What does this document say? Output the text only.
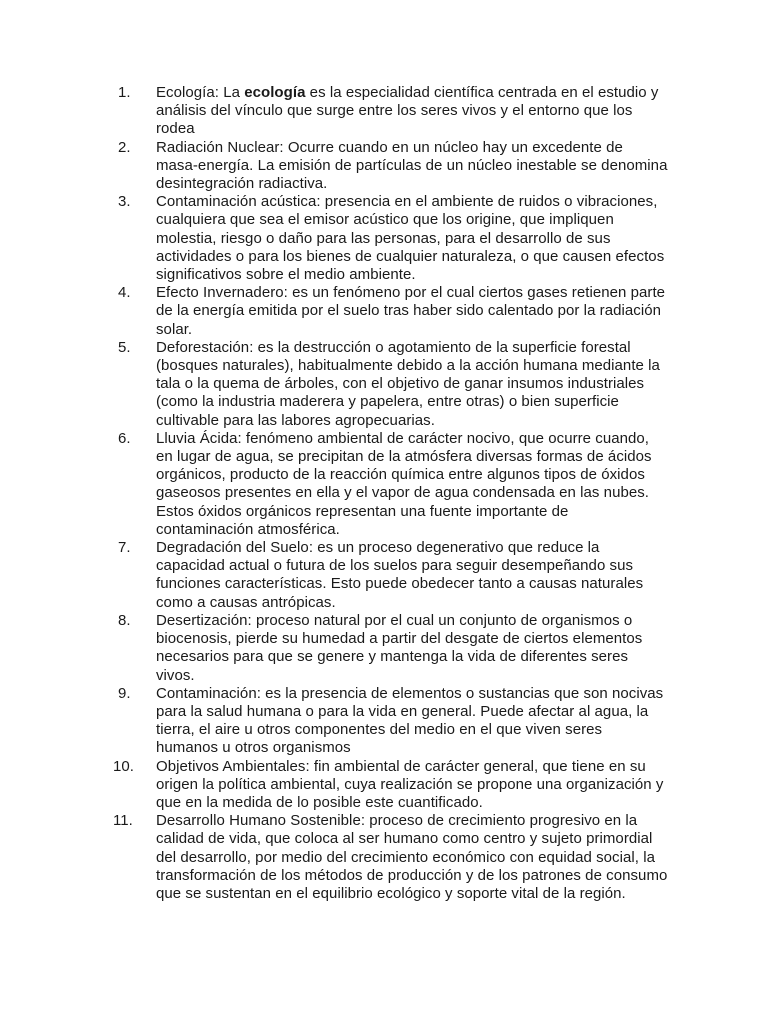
1.	Ecología: La ecología es la especialidad científica centrada en el estudio y análisis del vínculo que surge entre los seres vivos y el entorno que los rodea
2.	Radiación Nuclear: Ocurre cuando en un núcleo hay un excedente de masa-energía. La emisión de partículas de un núcleo inestable se denomina desintegración radiactiva.
3.	Contaminación acústica: presencia en el ambiente de ruidos o vibraciones, cualquiera que sea el emisor acústico que los origine, que impliquen molestia, riesgo o daño para las personas, para el desarrollo de sus actividades o para los bienes de cualquier naturaleza, o que causen efectos significativos sobre el medio ambiente.
4.	Efecto Invernadero: es un fenómeno por el cual ciertos gases retienen parte de la energía emitida por el suelo tras haber sido calentado por la radiación solar.
5.	Deforestación: es la destrucción o agotamiento de la superficie forestal (bosques naturales), habitualmente debido a la acción humana mediante la tala o la quema de árboles, con el objetivo de ganar insumos industriales (como la industria maderera y papelera, entre otras) o bien superficie cultivable para las labores agropecuarias.
6.	Lluvia Ácida: fenómeno ambiental de carácter nocivo, que ocurre cuando, en lugar de agua, se precipitan de la atmósfera diversas formas de ácidos orgánicos, producto de la reacción química entre algunos tipos de óxidos gaseosos presentes en ella y el vapor de agua condensada en las nubes. Estos óxidos orgánicos representan una fuente importante de contaminación atmosférica.
7.	Degradación del Suelo: es un proceso degenerativo que reduce la capacidad actual o futura de los suelos para seguir desempeñando sus funciones características. Esto puede obedecer tanto a causas naturales como a causas antrópicas.
8.	Desertización: proceso natural por el cual un conjunto de organismos o biocenosis, pierde su humedad a partir del desgate de ciertos elementos necesarios para que se genere y mantenga la vida de diferentes seres vivos.
9.	Contaminación: es la presencia de elementos o sustancias que son nocivas para la salud humana o para la vida en general. Puede afectar al agua, la tierra, el aire u otros componentes del medio en el que viven seres humanos u otros organismos
10.	Objetivos Ambientales: fin ambiental de carácter general, que tiene en su origen la política ambiental, cuya realización se propone una organización y que en la medida de lo posible este cuantificado.
11.	Desarrollo Humano Sostenible: proceso de crecimiento progresivo en la calidad de vida, que coloca al ser humano como centro y sujeto primordial del desarrollo, por medio del crecimiento económico con equidad social, la transformación de los métodos de producción y de los patrones de consumo que se sustentan en el equilibrio ecológico y soporte vital de la región.
